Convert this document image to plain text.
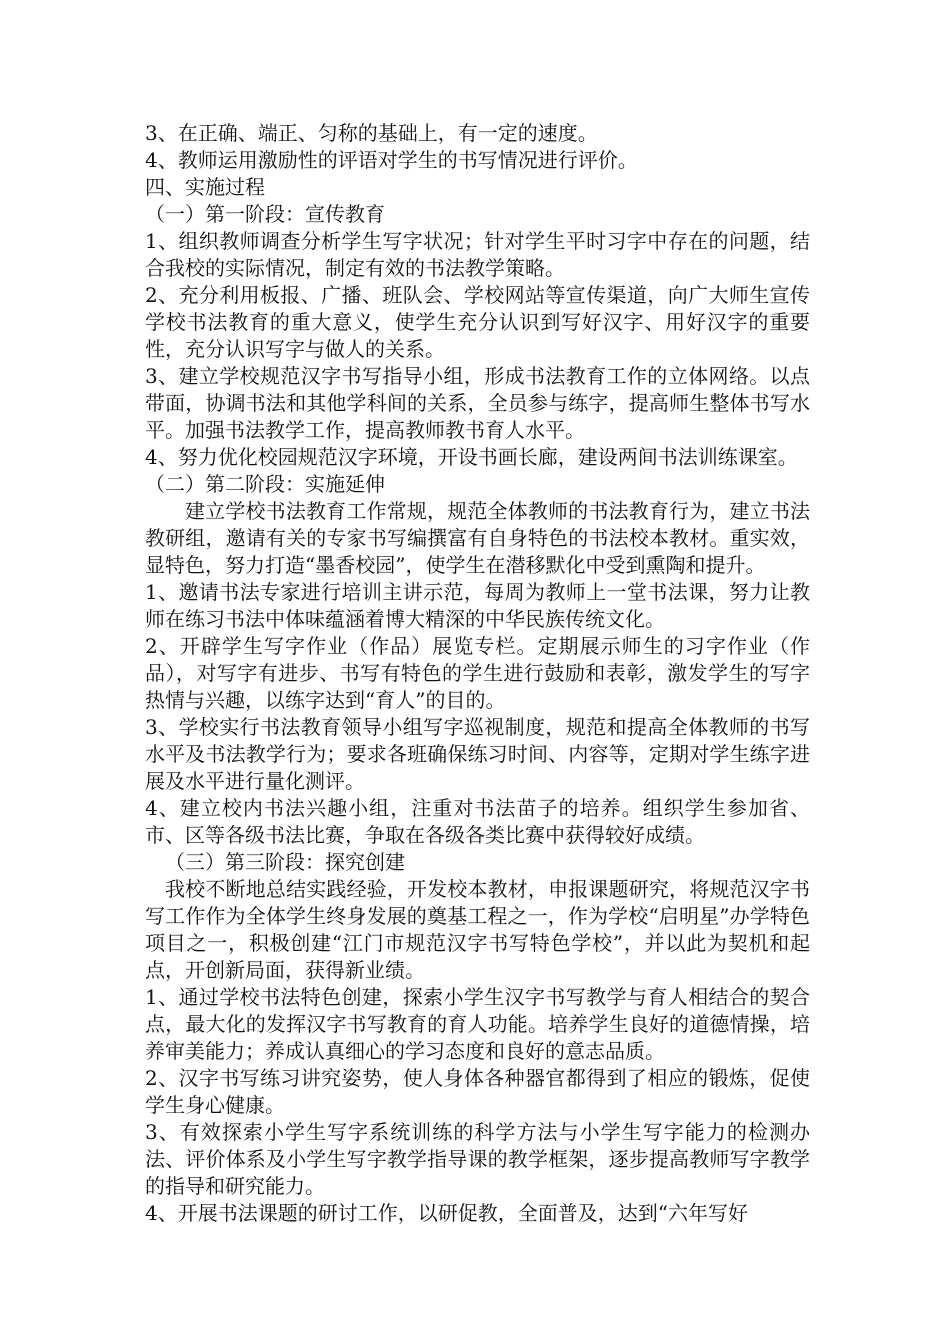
3、在正确、端正、匀称的基础上，有一定的速度。

4、教师运用激励性的评语对学生的书写情况进行评价。

四、实施过程

（一）第一阶段：宣传教育

1、组织教师调查分析学生写字状况；针对学生平时习字中存在的问题，结合我校的实际情况，制定有效的书法教学策略。

2、充分利用板报、广播、班队会、学校网站等宣传渠道，向广大师生宣传学校书法教育的重大意义，使学生充分认识到写好汉字、用好汉字的重要性，充分认识写字与做人的关系。

3、建立学校规范汉字书写指导小组，形成书法教育工作的立体网络。以点带面，协调书法和其他学科间的关系，全员参与练字，提高师生整体书写水平。加强书法教学工作，提高教师教书育人水平。

4、努力优化校园规范汉字环境，开设书画长廊，建设两间书法训练课室。

（二）第二阶段：实施延伸

建立学校书法教育工作常规，规范全体教师的书法教育行为，建立书法教研组，邀请有关的专家书写编撰富有自身特色的书法校本教材。重实效，显特色，努力打造“墨香校园”，使学生在潜移默化中受到熏陶和提升。

1、邀请书法专家进行培训主讲示范，每周为教师上一堂书法课，努力让教师在练习书法中体味蕴涵着博大精深的中华民族传统文化。

2、开辟学生写字作业（作品）展览专栏。定期展示师生的习字作业（作品），对写字有进步、书写有特色的学生进行鼓励和表彰，激发学生的写字热情与兴趣，以练字达到“育人”的目的。

3、学校实行书法教育领导小组写字巡视制度，规范和提高全体教师的书写水平及书法教学行为；要求各班确保练习时间、内容等，定期对学生练字进展及水平进行量化测评。

4、建立校内书法兴趣小组，注重对书法苗子的培养。组织学生参加省、市、区等各级书法比赛，争取在各级各类比赛中获得较好成绩。

（三）第三阶段：探究创建

我校不断地总结实践经验，开发校本教材，申报课题研究，将规范汉字书写工作作为全体学生终身发展的奠基工程之一，作为学校“启明星”办学特色项目之一，积极创建“江门市规范汉字书写特色学校”，并以此为契机和起点，开创新局面，获得新业绩。

1、通过学校书法特色创建，探索小学生汉字书写教学与育人相结合的契合点，最大化的发挥汉字书写教育的育人功能。培养学生良好的道德情操，培养审美能力；养成认真细心的学习态度和良好的意志品质。

2、汉字书写练习讲究姿势，使人身体各种器官都得到了相应的锻炼，促使学生身心健康。

3、有效探索小学生写字系统训练的科学方法与小学生写字能力的检测办法、评价体系及小学生写字教学指导课的教学框架，逐步提高教师写字教学的指导和研究能力。

4、开展书法课题的研讨工作，以研促教，全面普及，达到“六年写好
